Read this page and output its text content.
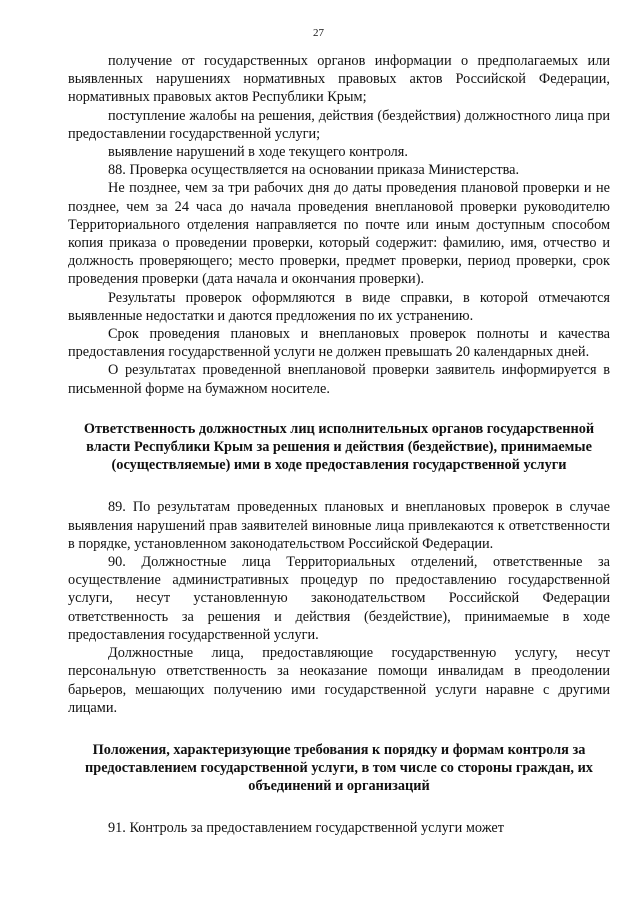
27

получение от государственных органов информации о предполагаемых или выявленных нарушениях нормативных правовых актов Российской Федерации, нормативных правовых актов Республики Крым;

поступление жалобы на решения, действия (бездействия) должностного лица при предоставлении государственной услуги;

выявление нарушений в ходе текущего контроля.

88. Проверка осуществляется на основании приказа Министерства.

Не позднее, чем за три рабочих дня до даты проведения плановой проверки и не позднее, чем за 24 часа до начала проведения внеплановой проверки руководителю Территориального отделения направляется по почте или иным доступным способом копия приказа о проведении проверки, который содержит: фамилию, имя, отчество и должность проверяющего; место проверки, предмет проверки, период проверки, срок проведения проверки (дата начала и окончания проверки).

Результаты проверок оформляются в виде справки, в которой отмечаются выявленные недостатки и даются предложения по их устранению.

Срок проведения плановых и внеплановых проверок полноты и качества предоставления государственной услуги не должен превышать 20 календарных дней.

О результатах проведенной внеплановой проверки заявитель информируется в письменной форме на бумажном носителе.

Ответственность должностных лиц исполнительных органов государственной власти Республики Крым за решения и действия (бездействие), принимаемые (осуществляемые) ими в ходе предоставления государственной услуги

89. По результатам проведенных плановых и внеплановых проверок в случае выявления нарушений прав заявителей виновные лица привлекаются к ответственности в порядке, установленном законодательством Российской Федерации.

90. Должностные лица Территориальных отделений, ответственные за осуществление административных процедур по предоставлению государственной услуги, несут установленную законодательством Российской Федерации ответственность за решения и действия (бездействие), принимаемые в ходе предоставления государственной услуги.

Должностные лица, предоставляющие государственную услугу, несут персональную ответственность за неоказание помощи инвалидам в преодолении барьеров, мешающих получению ими государственной услуги наравне с другими лицами.

Положения, характеризующие требования к порядку и формам контроля за предоставлением государственной услуги, в том числе со стороны граждан, их объединений и организаций

91. Контроль за предоставлением государственной услуги может
